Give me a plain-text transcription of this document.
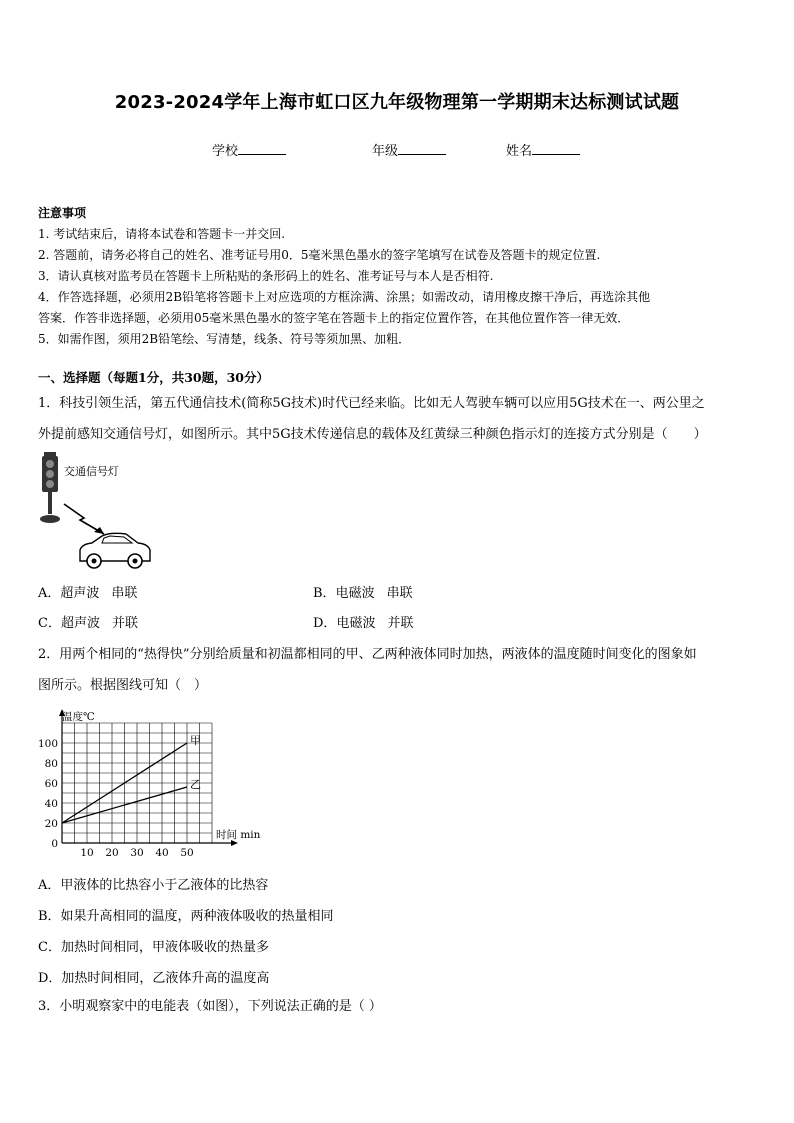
2023-2024学年上海市虹口区九年级物理第一学期期末达标测试试题
学校	年级	姓名

注意事项

1. 考试结束后，请将本试卷和答题卡一并交回.

2. 答题前，请务必将自己的姓名、准考证号用0．5毫米黑色墨水的签字笔填写在试卷及答题卡的规定位置.

3．请认真核对监考员在答题卡上所粘贴的条形码上的姓名、准考证号与本人是否相符.

4．作答选择题，必须用2B铅笔将答题卡上对应选项的方框涂满、涂黑；如需改动，请用橡皮擦干净后，再选涂其他

答案．作答非选择题，必须用05毫米黑色墨水的签字笔在答题卡上的指定位置作答，在其他位置作答一律无效．

5．如需作图，须用2B铅笔绘、写清楚，线条、符号等须加黑、加粗．

一、选择题（每题1分，共30题，30分）

1．科技引领生活，第五代通信技术(简称5G技术)时代已经来临。比如无人驾驶车辆可以应用5G技术在一、两公里之

外提前感知交通信号灯，如图所示。其中5G技术传递信息的载体及红黄绿三种颜色指示灯的连接方式分别是（　　）

交通信号灯
A．超声波 串联	B．电磁波 串联
C．超声波 并联	D．电磁波 并联

2．用两个相同的“热得快”分别给质量和初温都相同的甲、乙两种液体同时加热，两液体的温度随时间变化的图象如

图所示。根据图线可知（　）

10 20 30 40 50
20
40
60
80
100
0
甲
乙
温度℃
时间 min
A．甲液体的比热容小于乙液体的比热容
B．如果升高相同的温度，两种液体吸收的热量相同
C．加热时间相同，甲液体吸收的热量多
D．加热时间相同，乙液体升高的温度高

3．小明观察家中的电能表（如图），下列说法正确的是（ ）
